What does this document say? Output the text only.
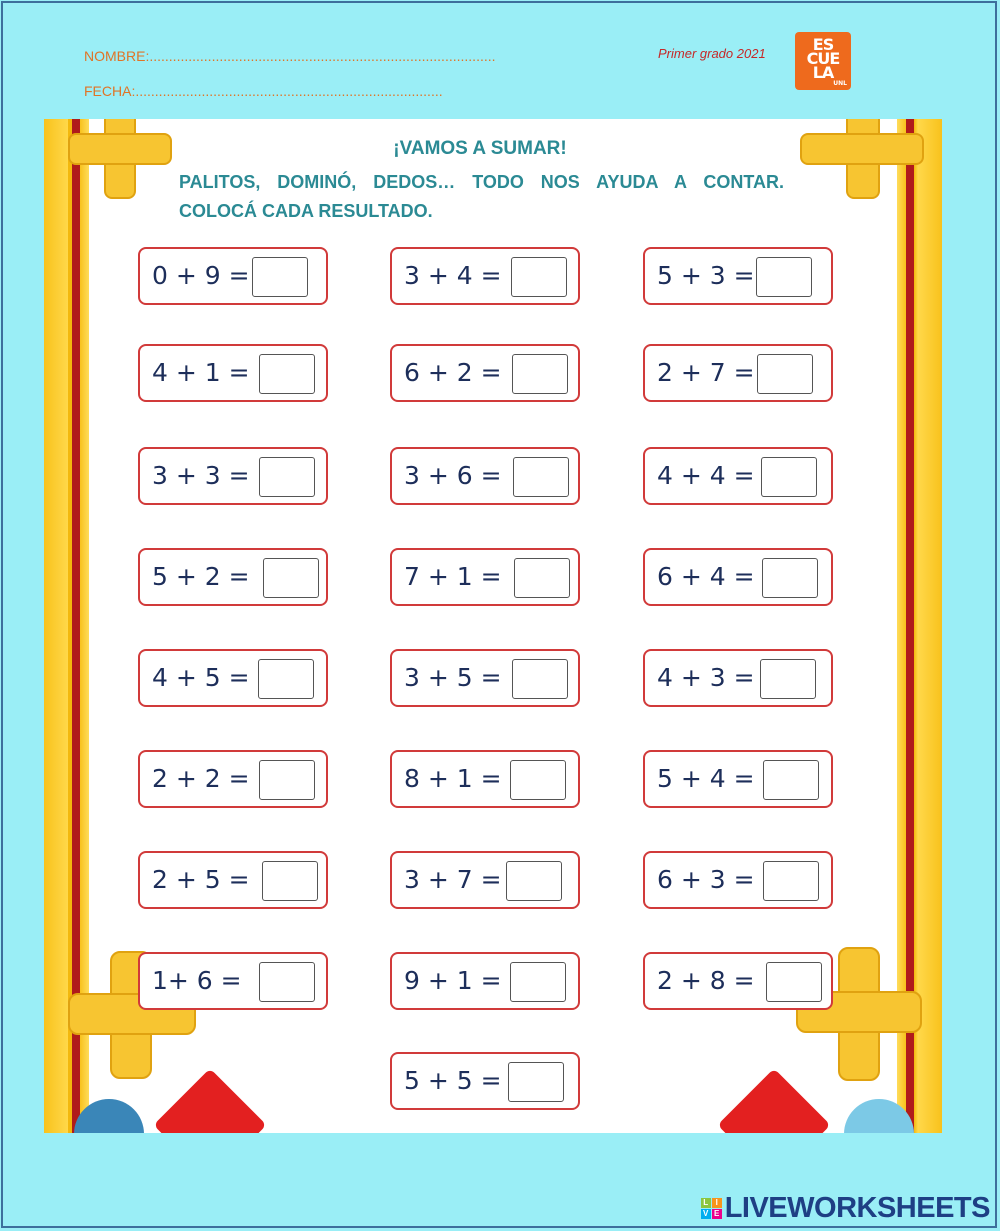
NOMBRE:.........................................................................................
FECHA:...............................................................................
Primer grado 2021	ES
CUE
LA
UNL
¡VAMOS A SUMAR!
PALITOS, DOMINÓ, DEDOS… TODO NOS AYUDA A CONTAR.
COLOCÁ CADA RESULTADO.
0 + 9 =	3 + 4 =	5 + 3 =
4 + 1 =	6 + 2 =	2 + 7 =
3 + 3 =	3 + 6 =	4 + 4 =
5 + 2 =	7 + 1 =	6 + 4 =
4 + 5 =	3 + 5 =	4 + 3 =
2 + 2 =	8 + 1 =	5 + 4 =
2 + 5 =	3 + 7 =	6 + 3 =
1+ 6 =	9 + 1 =	2 + 8 =
5 + 5 =
L I
V E LIVEWORKSHEETS
